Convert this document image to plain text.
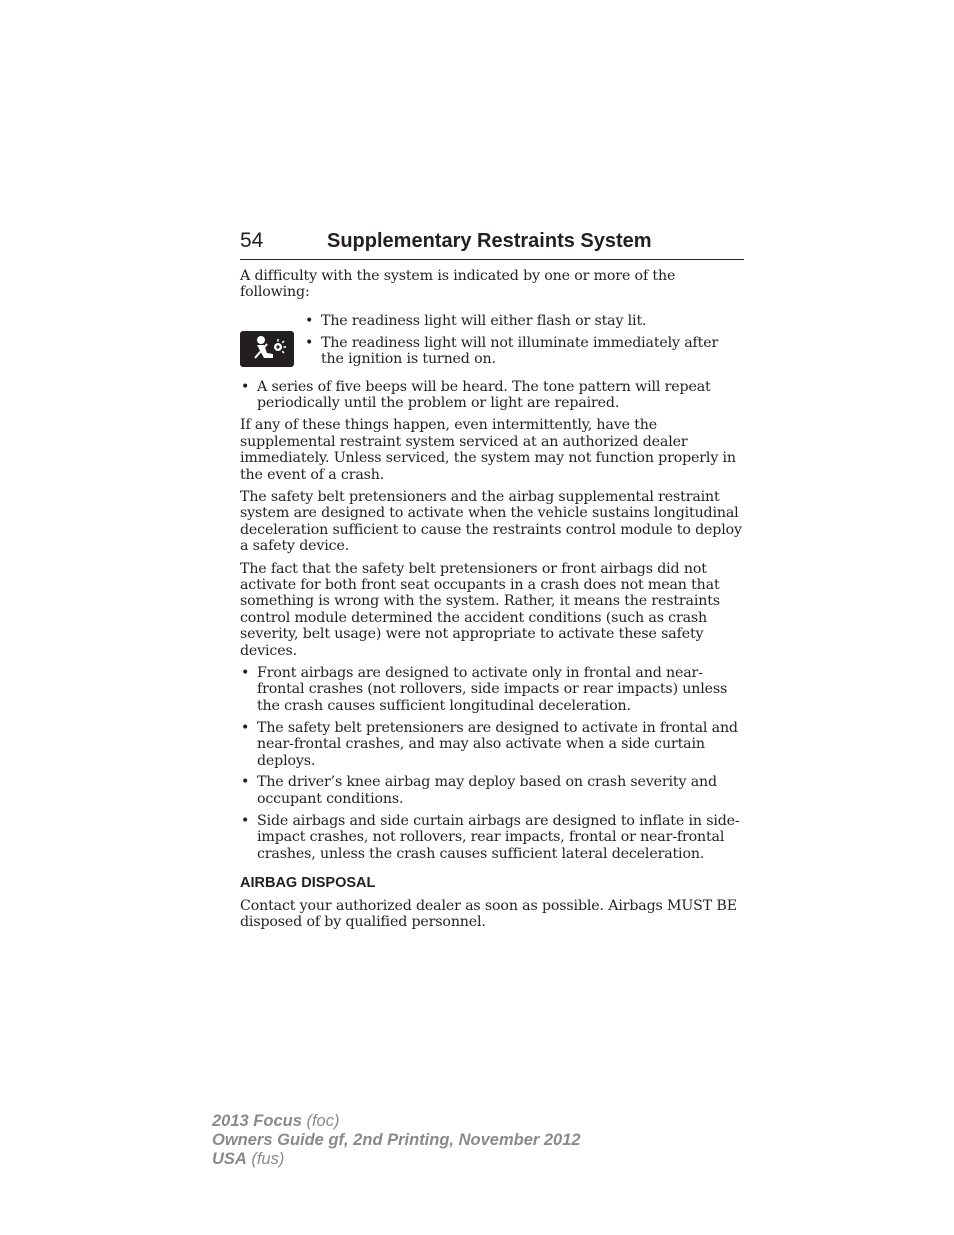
54	Supplementary Restraints System

A difficulty with the system is indicated by one or more of the following:

• The readiness light will either flash or stay lit.
• The readiness light will not illuminate immediately after the ignition is turned on.
• A series of five beeps will be heard. The tone pattern will repeat periodically until the problem or light are repaired.

If any of these things happen, even intermittently, have the supplemental restraint system serviced at an authorized dealer immediately. Unless serviced, the system may not function properly in the event of a crash.

The safety belt pretensioners and the airbag supplemental restraint system are designed to activate when the vehicle sustains longitudinal deceleration sufficient to cause the restraints control module to deploy a safety device.

The fact that the safety belt pretensioners or front airbags did not activate for both front seat occupants in a crash does not mean that something is wrong with the system. Rather, it means the restraints control module determined the accident conditions (such as crash severity, belt usage) were not appropriate to activate these safety devices.

• Front airbags are designed to activate only in frontal and near-frontal crashes (not rollovers, side impacts or rear impacts) unless the crash causes sufficient longitudinal deceleration.
• The safety belt pretensioners are designed to activate in frontal and near-frontal crashes, and may also activate when a side curtain deploys.
• The driver’s knee airbag may deploy based on crash severity and occupant conditions.
• Side airbags and side curtain airbags are designed to inflate in side-impact crashes, not rollovers, rear impacts, frontal or near-frontal crashes, unless the crash causes sufficient lateral deceleration.
AIRBAG DISPOSAL

Contact your authorized dealer as soon as possible. Airbags MUST BE disposed of by qualified personnel.

2013 Focus (foc)
Owners Guide gf, 2nd Printing, November 2012
USA (fus)
